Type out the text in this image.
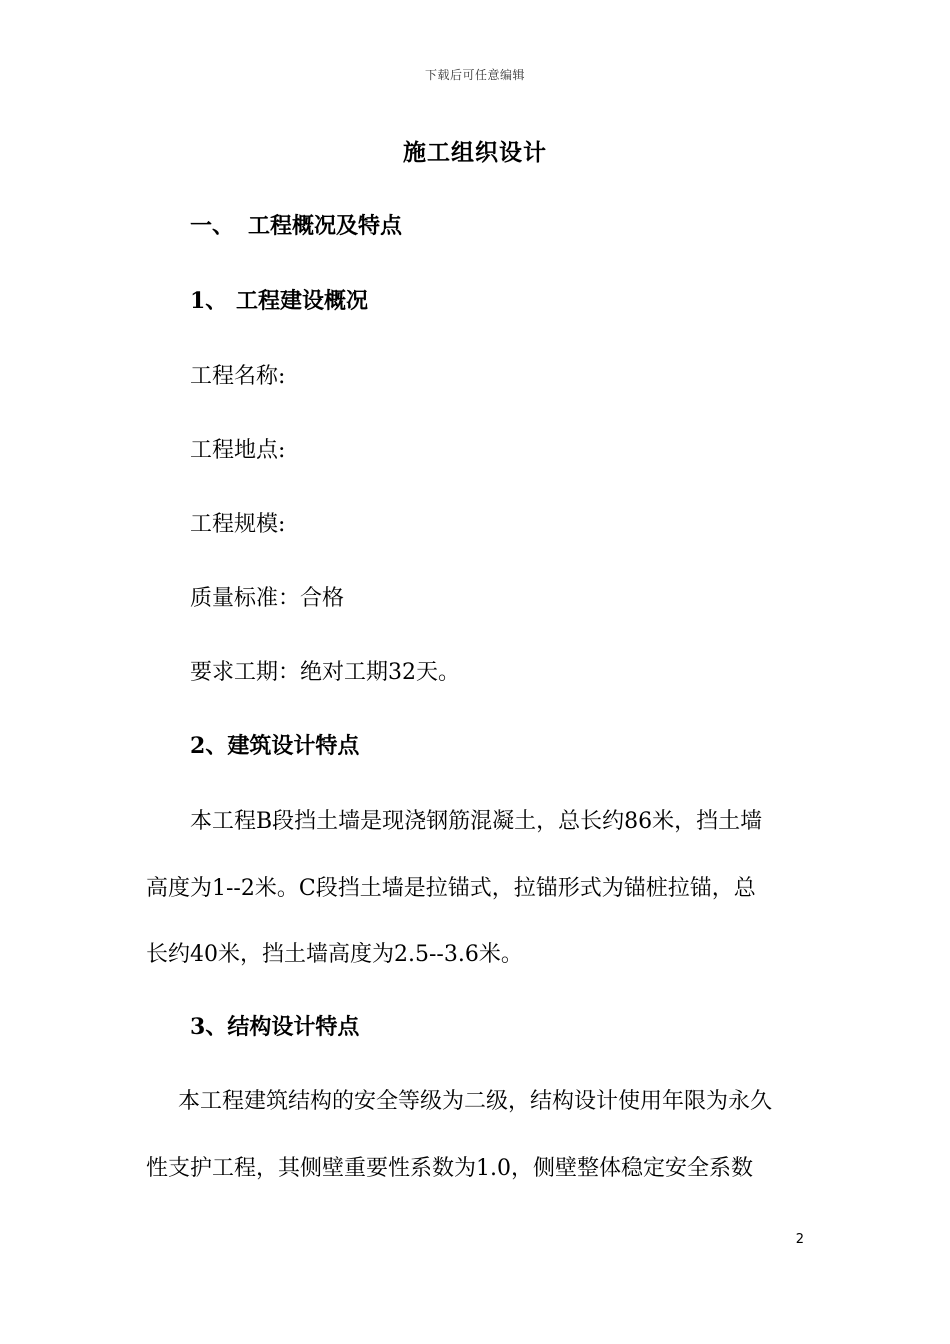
下载后可任意编辑
施工组织设计
一、 工程概况及特点
1、 工程建设概况
工程名称:
工程地点:
工程规模:
质量标准：合格
要求工期：绝对工期32天。
2、建筑设计特点
本工程B段挡土墙是现浇钢筋混凝土，总长约86米，挡土墙
高度为1--2米。C段挡土墙是拉锚式，拉锚形式为锚桩拉锚，总
长约40米，挡土墙高度为2.5--3.6米。
3、结构设计特点
本工程建筑结构的安全等级为二级，结构设计使用年限为永久
性支护工程，其侧壁重要性系数为1.0，侧壁整体稳定安全系数
2
